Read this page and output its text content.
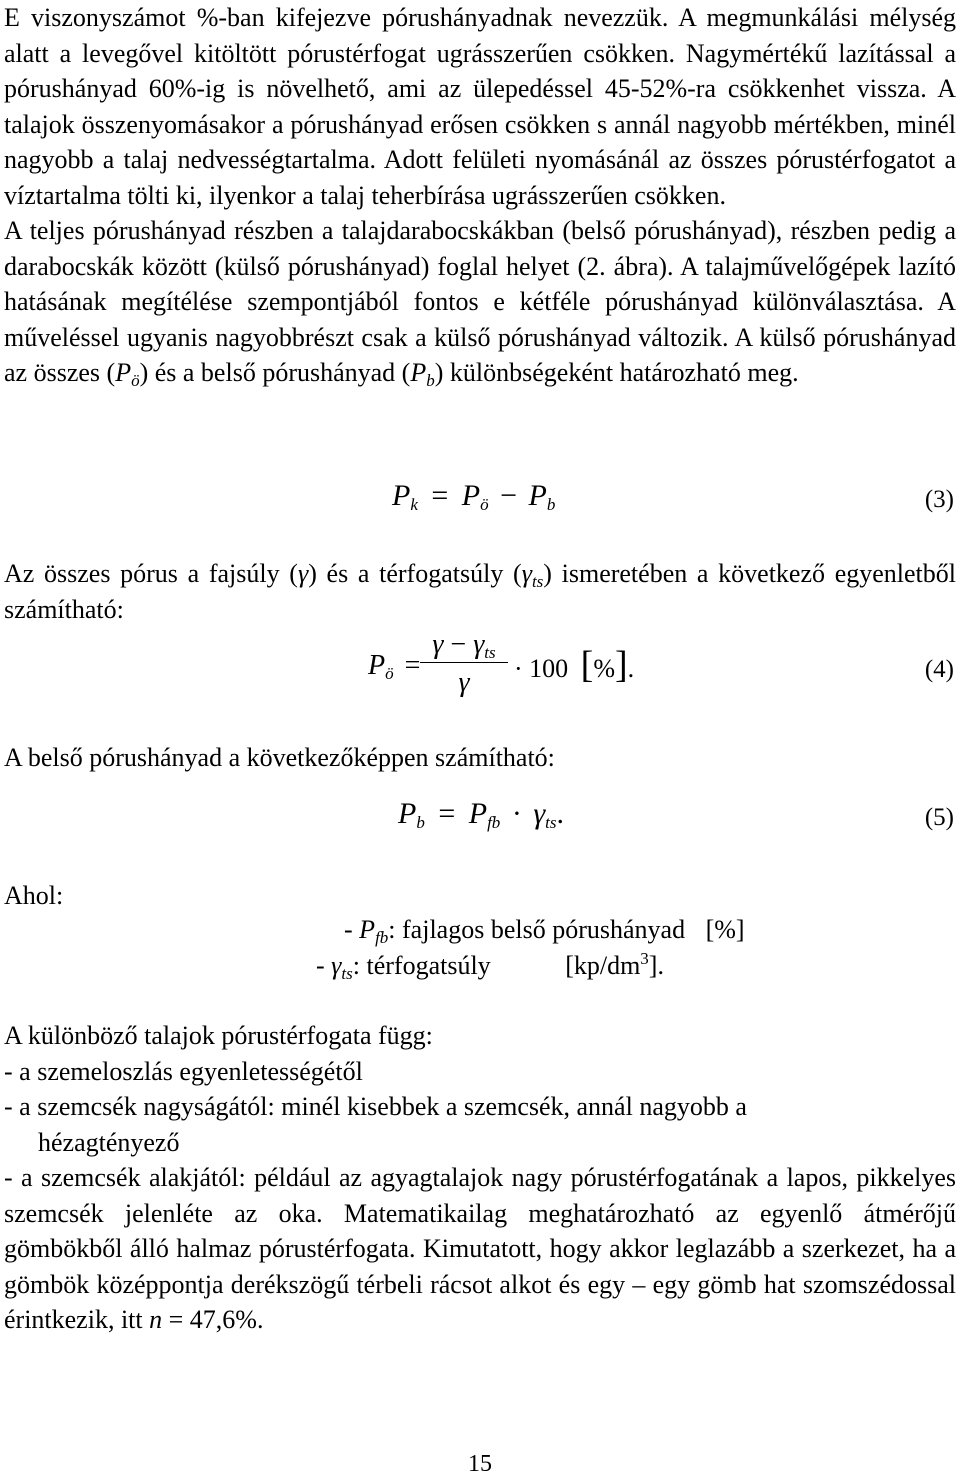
E viszonyszámot %-ban kifejezve pórushányadnak nevezzük. A megmunkálási mélység alatt a levegővel kitöltött pórustérfogat ugrásszerűen csökken. Nagymértékű lazítással a pórushányad 60%-ig is növelhető, ami az ülepedéssel 45-52%-ra csökkenhet vissza. A talajok összenyomásakor a pórushányad erősen csökken s annál nagyobb mértékben, minél nagyobb a talaj nedvességtartalma. Adott felületi nyomásánál az összes pórustérfogatot a víztartalma tölti ki, ilyenkor a talaj teherbírása ugrásszerűen csökken.

A teljes pórushányad részben a talajdarabocskákban (belső pórushányad), részben pedig a darabocskák között (külső pórushányad) foglal helyet (2. ábra). A talajművelőgépek lazító hatásának megítélése szempontjából fontos e kétféle pórushányad különválasztása. A műveléssel ugyanis nagyobbrészt csak a külső pórushányad változik. A külső pórushányad az összes $(P_ö)$ és a belső pórushányad $(P_b)$ különbségeként határozható meg.

$P_k = P_ö - P_b$	(3)

Az összes pórus a fajsúly (γ) és a térfogatsúly $(\gamma_{ts})$ ismeretében a következő egyenletből számítható:

$P_ö$ =
$\gamma - \gamma_{ts}$
γ	· 100 [%].	(4)

A belső pórushányad a következőképpen számítható:

$P_b = P_{fb} \cdot \gamma_{ts}$.	(5)

Ahol:

- $P_{fb}$: fajlagos belső pórushányad [%]
- $\gamma_{ts}$: térfogatsúly	$[kp/dm^3]$.

A különböző talajok pórustérfogata függ:

- a szemeloszlás egyenletességétől

- a szemcsék nagyságától: minél kisebbek a szemcsék, annál nagyobb a

hézagtényező

- a szemcsék alakjától: például az agyagtalajok nagy pórustérfogatának a lapos, pikkelyes szemcsék jelenléte az oka. Matematikailag meghatározható az egyenlő átmérőjű gömbökből álló halmaz pórustérfogata. Kimutatott, hogy akkor leglazább a szerkezet, ha a gömbök középpontja derékszögű térbeli rácsot alkot és egy – egy gömb hat szomszédossal érintkezik, itt n = 47,6%.

15
